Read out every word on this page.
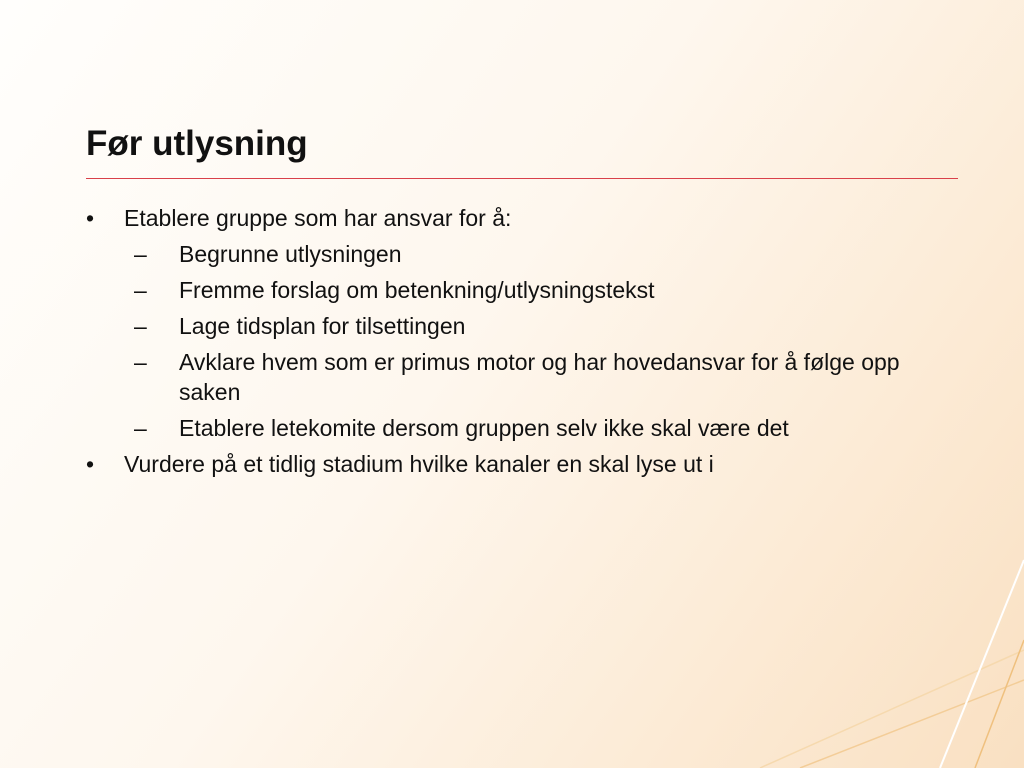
Før utlysning
•	Etablere gruppe som har ansvar for å:
–	Begrunne utlysningen
–	Fremme forslag om betenkning/utlysningstekst
–	Lage tidsplan for tilsettingen
–	Avklare hvem som er primus motor og har hovedansvar for å følge opp saken
–	Etablere letekomite dersom gruppen selv ikke skal være det
•	Vurdere på et tidlig stadium hvilke kanaler en skal lyse ut i
